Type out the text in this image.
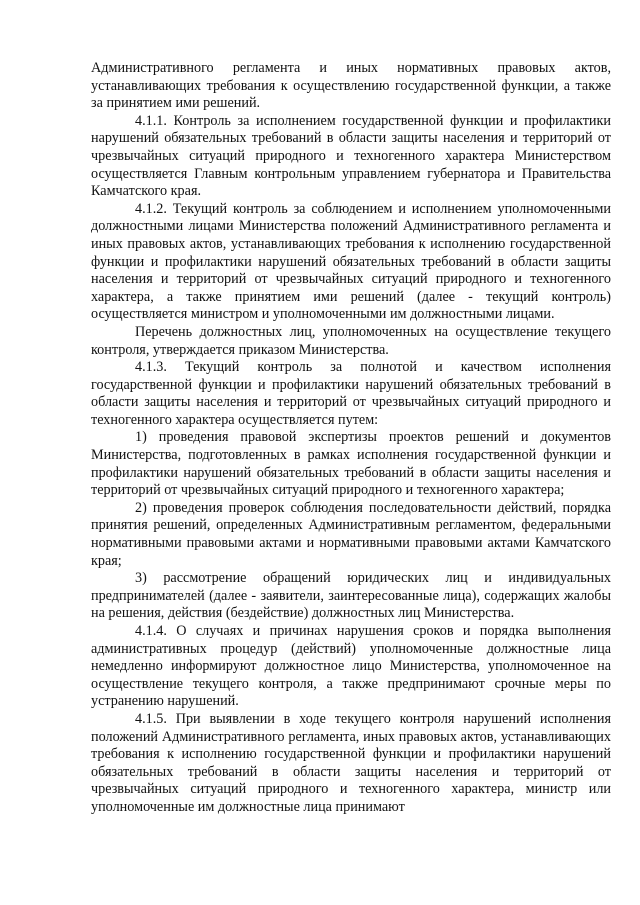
Административного регламента и иных нормативных правовых актов, устанавливающих требования к осуществлению государственной функции, а также за принятием ими решений.

4.1.1. Контроль за исполнением государственной функции и профилактики нарушений обязательных требований в области защиты населения и территорий от чрезвычайных ситуаций природного и техногенного характера Министерством осуществляется Главным контрольным управлением губернатора и Правительства Камчатского края.

4.1.2. Текущий контроль за соблюдением и исполнением уполномоченными должностными лицами Министерства положений Административного регламента и иных правовых актов, устанавливающих требования к исполнению государственной функции и профилактики нарушений обязательных требований в области защиты населения и территорий от чрезвычайных ситуаций природного и техногенного характера, а также принятием ими решений (далее - текущий контроль) осуществляется министром и уполномоченными им должностными лицами.

Перечень должностных лиц, уполномоченных на осуществление текущего контроля, утверждается приказом Министерства.

4.1.3. Текущий контроль за полнотой и качеством исполнения государственной функции и профилактики нарушений обязательных требований в области защиты населения и территорий от чрезвычайных ситуаций природного и техногенного характера осуществляется путем:

1) проведения правовой экспертизы проектов решений и документов Министерства, подготовленных в рамках исполнения государственной функции и профилактики нарушений обязательных требований в области защиты населения и территорий от чрезвычайных ситуаций природного и техногенного характера;

2) проведения проверок соблюдения последовательности действий, порядка принятия решений, определенных Административным регламентом, федеральными нормативными правовыми актами и нормативными правовыми актами Камчатского края;

3) рассмотрение обращений юридических лиц и индивидуальных предпринимателей (далее - заявители, заинтересованные лица), содержащих жалобы на решения, действия (бездействие) должностных лиц Министерства.

4.1.4. О случаях и причинах нарушения сроков и порядка выполнения административных процедур (действий) уполномоченные должностные лица немедленно информируют должностное лицо Министерства, уполномоченное на осуществление текущего контроля, а также предпринимают срочные меры по устранению нарушений.

4.1.5. При выявлении в ходе текущего контроля нарушений исполнения положений Административного регламента, иных правовых актов, устанавливающих требования к исполнению государственной функции и профилактики нарушений обязательных требований в области защиты населения и территорий от чрезвычайных ситуаций природного и техногенного характера, министр или уполномоченные им должностные лица принимают
